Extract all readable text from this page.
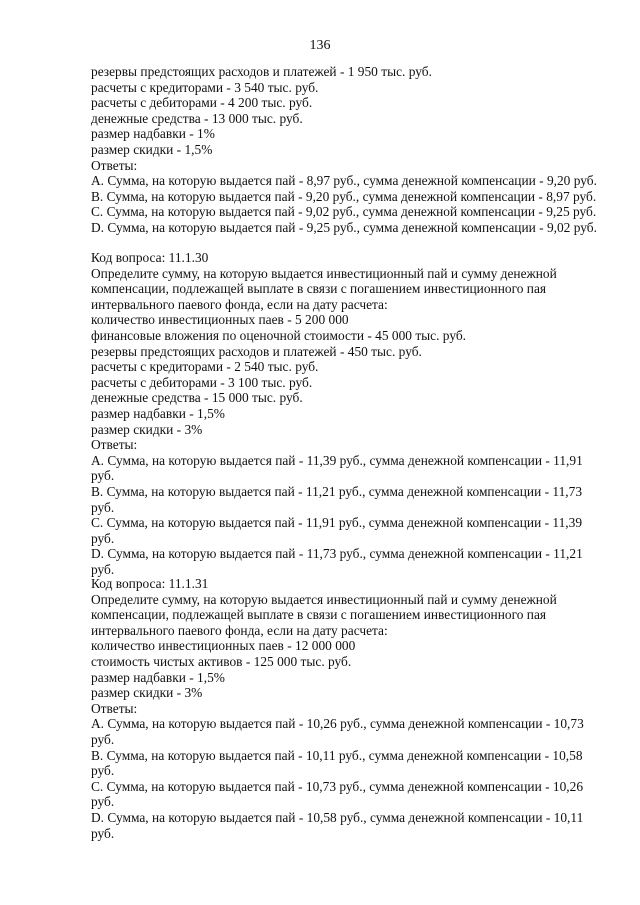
136
резервы предстоящих расходов и платежей - 1 950 тыс. руб.
расчеты с кредиторами - 3 540 тыс. руб.
расчеты с дебиторами - 4 200 тыс. руб.
денежные средства - 13 000 тыс. руб.
размер надбавки - 1%
размер скидки - 1,5%
Ответы:
А. Сумма, на которую выдается пай - 8,97 руб., сумма денежной компенсации - 9,20 руб.
B. Сумма, на которую выдается пай - 9,20 руб., сумма денежной компенсации - 8,97 руб.
C. Сумма, на которую выдается пай - 9,02 руб., сумма денежной компенсации - 9,25 руб.
D. Сумма, на которую выдается пай - 9,25 руб., сумма денежной компенсации - 9,02 руб.
Код вопроса: 11.1.30
Определите сумму, на которую выдается инвестиционный пай и сумму денежной
компенсации, подлежащей выплате в связи с погашением инвестиционного пая
интервального паевого фонда, если на дату расчета:
количество инвестиционных паев - 5 200 000
финансовые вложения по оценочной стоимости - 45 000 тыс. руб.
резервы предстоящих расходов и платежей - 450 тыс. руб.
расчеты с кредиторами - 2 540 тыс. руб.
расчеты с дебиторами - 3 100 тыс. руб.
денежные средства - 15 000 тыс. руб.
размер надбавки - 1,5%
размер скидки - 3%
Ответы:
А. Сумма, на которую выдается пай - 11,39 руб., сумма денежной компенсации - 11,91 руб.
B. Сумма, на которую выдается пай - 11,21 руб., сумма денежной компенсации - 11,73 руб.
C. Сумма, на которую выдается пай - 11,91 руб., сумма денежной компенсации - 11,39 руб.
D. Сумма, на которую выдается пай - 11,73 руб., сумма денежной компенсации - 11,21 руб.
Код вопроса: 11.1.31
Определите сумму, на которую выдается инвестиционный пай и сумму денежной
компенсации, подлежащей выплате в связи с погашением инвестиционного пая
интервального паевого фонда, если на дату расчета:
количество инвестиционных паев - 12 000 000
стоимость чистых активов - 125 000 тыс. руб.
размер надбавки - 1,5%
размер скидки - 3%
Ответы:
А. Сумма, на которую выдается пай - 10,26 руб., сумма денежной компенсации - 10,73 руб.
B. Сумма, на которую выдается пай - 10,11 руб., сумма денежной компенсации - 10,58 руб.
C. Сумма, на которую выдается пай - 10,73 руб., сумма денежной компенсации - 10,26 руб.
D. Сумма, на которую выдается пай - 10,58 руб., сумма денежной компенсации - 10,11 руб.
